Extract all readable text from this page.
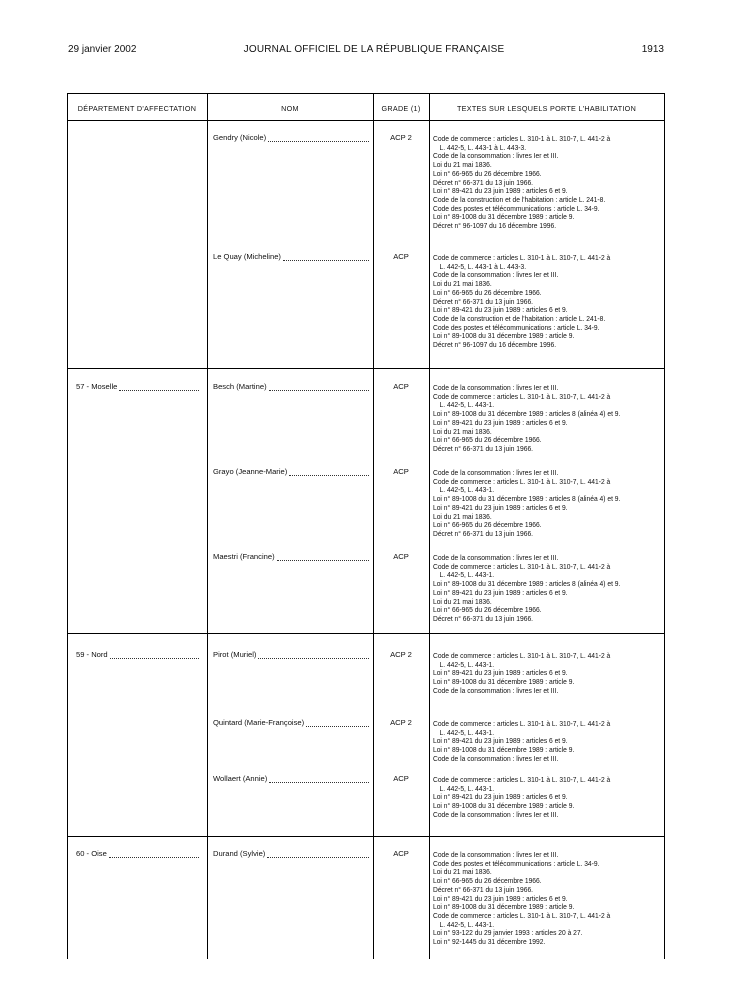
29 janvier 2002	JOURNAL OFFICIEL DE LA RÉPUBLIQUE FRANÇAISE	1913
DÉPARTEMENT D'AFFECTATION	NOM	GRADE (1)	TEXTES SUR LESQUELS PORTE L'HABILITATION
Gendry (Nicole)	ACP 2	Code de commerce : articles L. 310-1 à L. 310-7, L. 441-2 à
L. 442-5, L. 443-1 à L. 443-3.
Code de la consommation : livres Ier et III.
Loi du 21 mai 1836.
Loi n° 66-965 du 26 décembre 1966.
Décret n° 66-371 du 13 juin 1966.
Loi n° 89-421 du 23 juin 1989 : articles 6 et 9.
Code de la construction et de l'habitation : article L. 241-8.
Code des postes et télécommunications : article L. 34-9.
Loi n° 89-1008 du 31 décembre 1989 : article 9.
Décret n° 96-1097 du 16 décembre 1996.
Le Quay (Micheline)	ACP	Code de commerce : articles L. 310-1 à L. 310-7, L. 441-2 à
L. 442-5, L. 443-1 à L. 443-3.
Code de la consommation : livres Ier et III.
Loi du 21 mai 1836.
Loi n° 66-965 du 26 décembre 1966.
Décret n° 66-371 du 13 juin 1966.
Loi n° 89-421 du 23 juin 1989 : articles 6 et 9.
Code de la construction et de l'habitation : article L. 241-8.
Code des postes et télécommunications : article L. 34-9.
Loi n° 89-1008 du 31 décembre 1989 : article 9.
Décret n° 96-1097 du 16 décembre 1996.
57 - Moselle	Besch (Martine)	ACP	Code de la consommation : livres Ier et III.
Code de commerce : articles L. 310-1 à L. 310-7, L. 441-2 à
L. 442-5, L. 443-1.
Loi n° 89-1008 du 31 décembre 1989 : articles 8 (alinéa 4) et 9.
Loi n° 89-421 du 23 juin 1989 : articles 6 et 9.
Loi du 21 mai 1836.
Loi n° 66-965 du 26 décembre 1966.
Décret n° 66-371 du 13 juin 1966.
Grayo (Jeanne-Marie)	ACP	Code de la consommation : livres Ier et III.
Code de commerce : articles L. 310-1 à L. 310-7, L. 441-2 à
L. 442-5, L. 443-1.
Loi n° 89-1008 du 31 décembre 1989 : articles 8 (alinéa 4) et 9.
Loi n° 89-421 du 23 juin 1989 : articles 6 et 9.
Loi du 21 mai 1836.
Loi n° 66-965 du 26 décembre 1966.
Décret n° 66-371 du 13 juin 1966.
Maestri (Francine)	ACP	Code de la consommation : livres Ier et III.
Code de commerce : articles L. 310-1 à L. 310-7, L. 441-2 à
L. 442-5, L. 443-1.
Loi n° 89-1008 du 31 décembre 1989 : articles 8 (alinéa 4) et 9.
Loi n° 89-421 du 23 juin 1989 : articles 6 et 9.
Loi du 21 mai 1836.
Loi n° 66-965 du 26 décembre 1966.
Décret n° 66-371 du 13 juin 1966.
59 - Nord	Pirot (Muriel)	ACP 2	Code de commerce : articles L. 310-1 à L. 310-7, L. 441-2 à
L. 442-5, L. 443-1.
Loi n° 89-421 du 23 juin 1989 : articles 6 et 9.
Loi n° 89-1008 du 31 décembre 1989 : article 9.
Code de la consommation : livres Ier et III.
Quintard (Marie-Françoise)	ACP 2	Code de commerce : articles L. 310-1 à L. 310-7, L. 441-2 à
L. 442-5, L. 443-1.
Loi n° 89-421 du 23 juin 1989 : articles 6 et 9.
Loi n° 89-1008 du 31 décembre 1989 : article 9.
Code de la consommation : livres Ier et III.
Wollaert (Annie)	ACP	Code de commerce : articles L. 310-1 à L. 310-7, L. 441-2 à
L. 442-5, L. 443-1.
Loi n° 89-421 du 23 juin 1989 : articles 6 et 9.
Loi n° 89-1008 du 31 décembre 1989 : article 9.
Code de la consommation : livres Ier et III.
60 - Oise	Durand (Sylvie)	ACP	Code de la consommation : livres Ier et III.
Code des postes et télécommunications : article L. 34-9.
Loi du 21 mai 1836.
Loi n° 66-965 du 26 décembre 1966.
Décret n° 66-371 du 13 juin 1966.
Loi n° 89-421 du 23 juin 1989 : articles 6 et 9.
Loi n° 89-1008 du 31 décembre 1989 : article 9.
Code de commerce : articles L. 310-1 à L. 310-7, L. 441-2 à
L. 442-5, L. 443-1.
Loi n° 93-122 du 29 janvier 1993 : articles 20 à 27.
Loi n° 92-1445 du 31 décembre 1992.
